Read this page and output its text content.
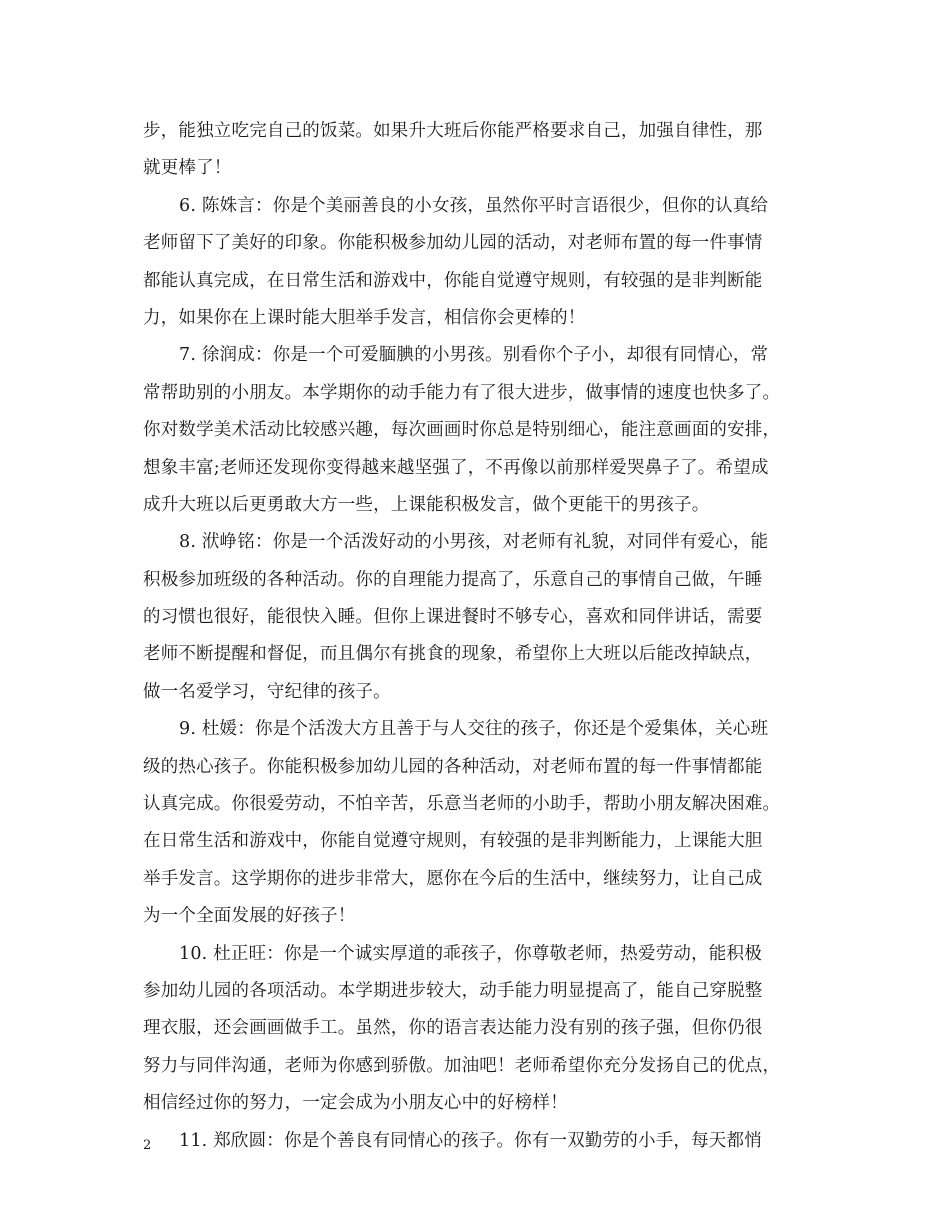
步，能独立吃完自己的饭菜。如果升大班后你能严格要求自己，加强自律性，那
就更棒了！
6. 陈姝言：你是个美丽善良的小女孩，虽然你平时言语很少，但你的认真给
老师留下了美好的印象。你能积极参加幼儿园的活动，对老师布置的每一件事情
都能认真完成，在日常生活和游戏中，你能自觉遵守规则，有较强的是非判断能
力，如果你在上课时能大胆举手发言，相信你会更棒的！
7. 徐润成：你是一个可爱腼腆的小男孩。别看你个子小，却很有同情心，常
常帮助别的小朋友。本学期你的动手能力有了很大进步，做事情的速度也快多了。
你对数学美术活动比较感兴趣，每次画画时你总是特别细心，能注意画面的安排，
想象丰富;老师还发现你变得越来越坚强了，不再像以前那样爱哭鼻子了。希望成
成升大班以后更勇敢大方一些，上课能积极发言，做个更能干的男孩子。
8. 洑峥铭：你是一个活泼好动的小男孩，对老师有礼貌，对同伴有爱心，能
积极参加班级的各种活动。你的自理能力提高了，乐意自己的事情自己做，午睡
的习惯也很好，能很快入睡。但你上课进餐时不够专心，喜欢和同伴讲话，需要
老师不断提醒和督促，而且偶尔有挑食的现象，希望你上大班以后能改掉缺点，
做一名爱学习，守纪律的孩子。
9. 杜媛：你是个活泼大方且善于与人交往的孩子，你还是个爱集体，关心班
级的热心孩子。你能积极参加幼儿园的各种活动，对老师布置的每一件事情都能
认真完成。你很爱劳动，不怕辛苦，乐意当老师的小助手，帮助小朋友解决困难。
在日常生活和游戏中，你能自觉遵守规则，有较强的是非判断能力，上课能大胆
举手发言。这学期你的进步非常大，愿你在今后的生活中，继续努力，让自己成
为一个全面发展的好孩子！
10. 杜正旺：你是一个诚实厚道的乖孩子，你尊敬老师，热爱劳动，能积极
参加幼儿园的各项活动。本学期进步较大，动手能力明显提高了，能自己穿脱整
理衣服，还会画画做手工。虽然，你的语言表达能力没有别的孩子强，但你仍很
努力与同伴沟通，老师为你感到骄傲。加油吧！老师希望你充分发扬自己的优点，
相信经过你的努力，一定会成为小朋友心中的好榜样！
11. 郑欣圆：你是个善良有同情心的孩子。你有一双勤劳的小手，每天都悄
2
